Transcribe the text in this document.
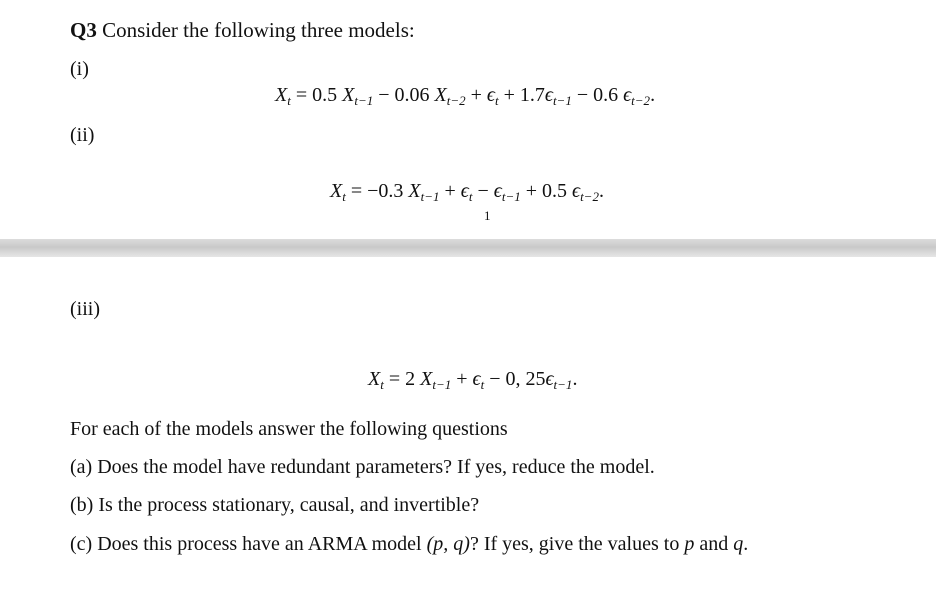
Q3 Consider the following three models:
(i)
$X_t = 0.5$ $X_{t-1} - 0.06$ $X_{t-2} + \epsilon_t + 1.7\epsilon_{t-1} - 0.6$ $\epsilon_{t-2}$.
(ii)
$X_t = -0.3$ $X_{t-1} + \epsilon_t - \epsilon_{t-1} + 0.5$ $\epsilon_{t-2}$.
1
(iii)
$X_t = 2$ $X_{t-1} + \epsilon_t - 0$, $25\epsilon_{t-1}$.
For each of the models answer the following questions
(a) Does the model have redundant parameters? If yes, reduce the model.
(b) Is the process stationary, causal, and invertible?
(c) Does this process have an ARMA model (p, q)? If yes, give the values to p and q.
